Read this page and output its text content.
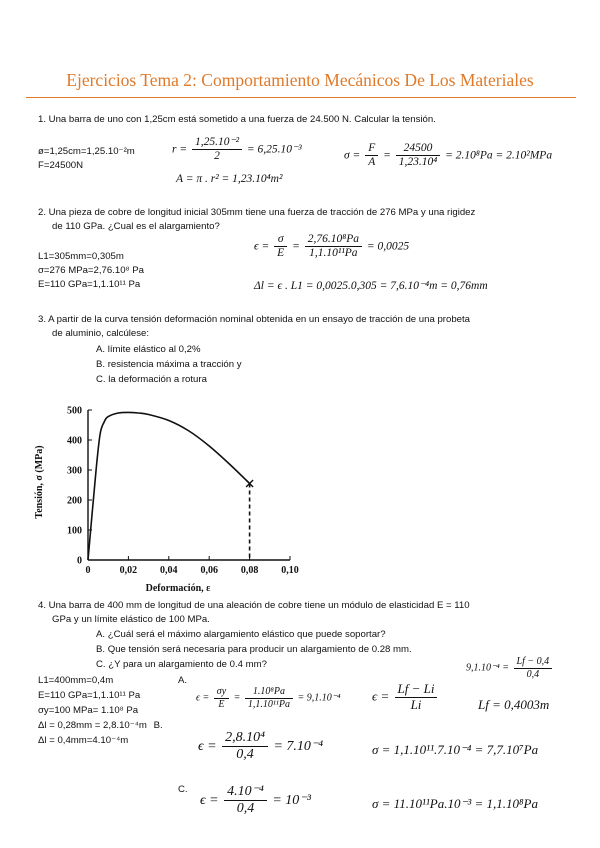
Ejercicios Tema 2: Comportamiento Mecánicos De Los Materiales
1. Una barra de uno con 1,25cm está sometido a una fuerza de 24.500 N. Calcular la tensión.
ø=1,25cm=1,25.10⁻²m
F=24500N
$r = \frac{\text{1,25.10⁻²}}{2} = 6,25.10^{-3}$	$\sigma = \frac{F}{A} = \frac{24500}{\text{1,23.10⁴}} = 2.10^8Pa = 2.10^2MPa$
A = π . r² = 1,23.10⁴m²
2. Una pieza de cobre de longitud inicial 305mm tiene una fuerza de tracción de 276 MPa y una rigidez
de 110 GPa. ¿Cual es el alargamiento?
L1=305mm=0,305m
σ=276 MPa=2,76.10⁸ Pa
E=110 GPa=1,1.10¹¹ Pa
$\epsilon = \frac{\sigma}{E} = \frac{\text{2,76.10⁸Pa}}{\text{1,1.10¹¹Pa}} = 0,0025$
Δl = ϵ . L1 = 0,0025.0,305 = 7,6.10⁻⁴m = 0,76mm
3. A partir de la curva tensión deformación nominal obtenida en un ensayo de tracción de una probeta
de aluminio, calcúlese:
A. límite elástico al 0,2%
B. resistencia máxima a tracción y
C. la deformación a rotura
0
100
200
300
400
500
0	0,02 0,04 0,06 0,08 0,10
Tensión, σ (MPa)
Deformación, ε
4. Una barra de 400 mm de longitud de una aleación de cobre tiene un módulo de elasticidad E = 110
GPa y un límite elástico de 100 MPa.
A. ¿Cuál será el máximo alargamiento elástico que puede soportar?
B. Que tensión será necesaria para producir un alargamiento de 0.28 mm.
C. ¿Y para un alargamiento de 0.4 mm?
L1=400mm=0,4m
E=110 GPa=1,1.10¹¹ Pa
σy=100 MPa= 1.10⁸ Pa
Δl = 0,28mm = 2,8.10⁻⁴m B.
Δl = 0,4mm=4.10⁻⁴m
A.
$\epsilon = \frac{\sigma y}{E} = \frac{\text{1.10⁸Pa}}{\text{1,1.10¹¹Pa}} = 9,1.10^{-4}$ $\epsilon = \frac{Lf - Li}{Li}$
$9,1.10^{-4} = \frac{Lf - 0,4}{0,4}$
Lf = 0,4003m
$\epsilon = \frac{\text{2,8.10⁴}}{0,4} = 7.10^{-4}$	σ = 1,1.10¹¹.7.10⁻⁴ = 7,7.10⁷Pa
C.
$\epsilon = \frac{\text{4.10⁻⁴}}{0,4} = 10^{-3}$	σ = 11.10¹¹Pa.10⁻³ = 1,1.10⁸Pa
